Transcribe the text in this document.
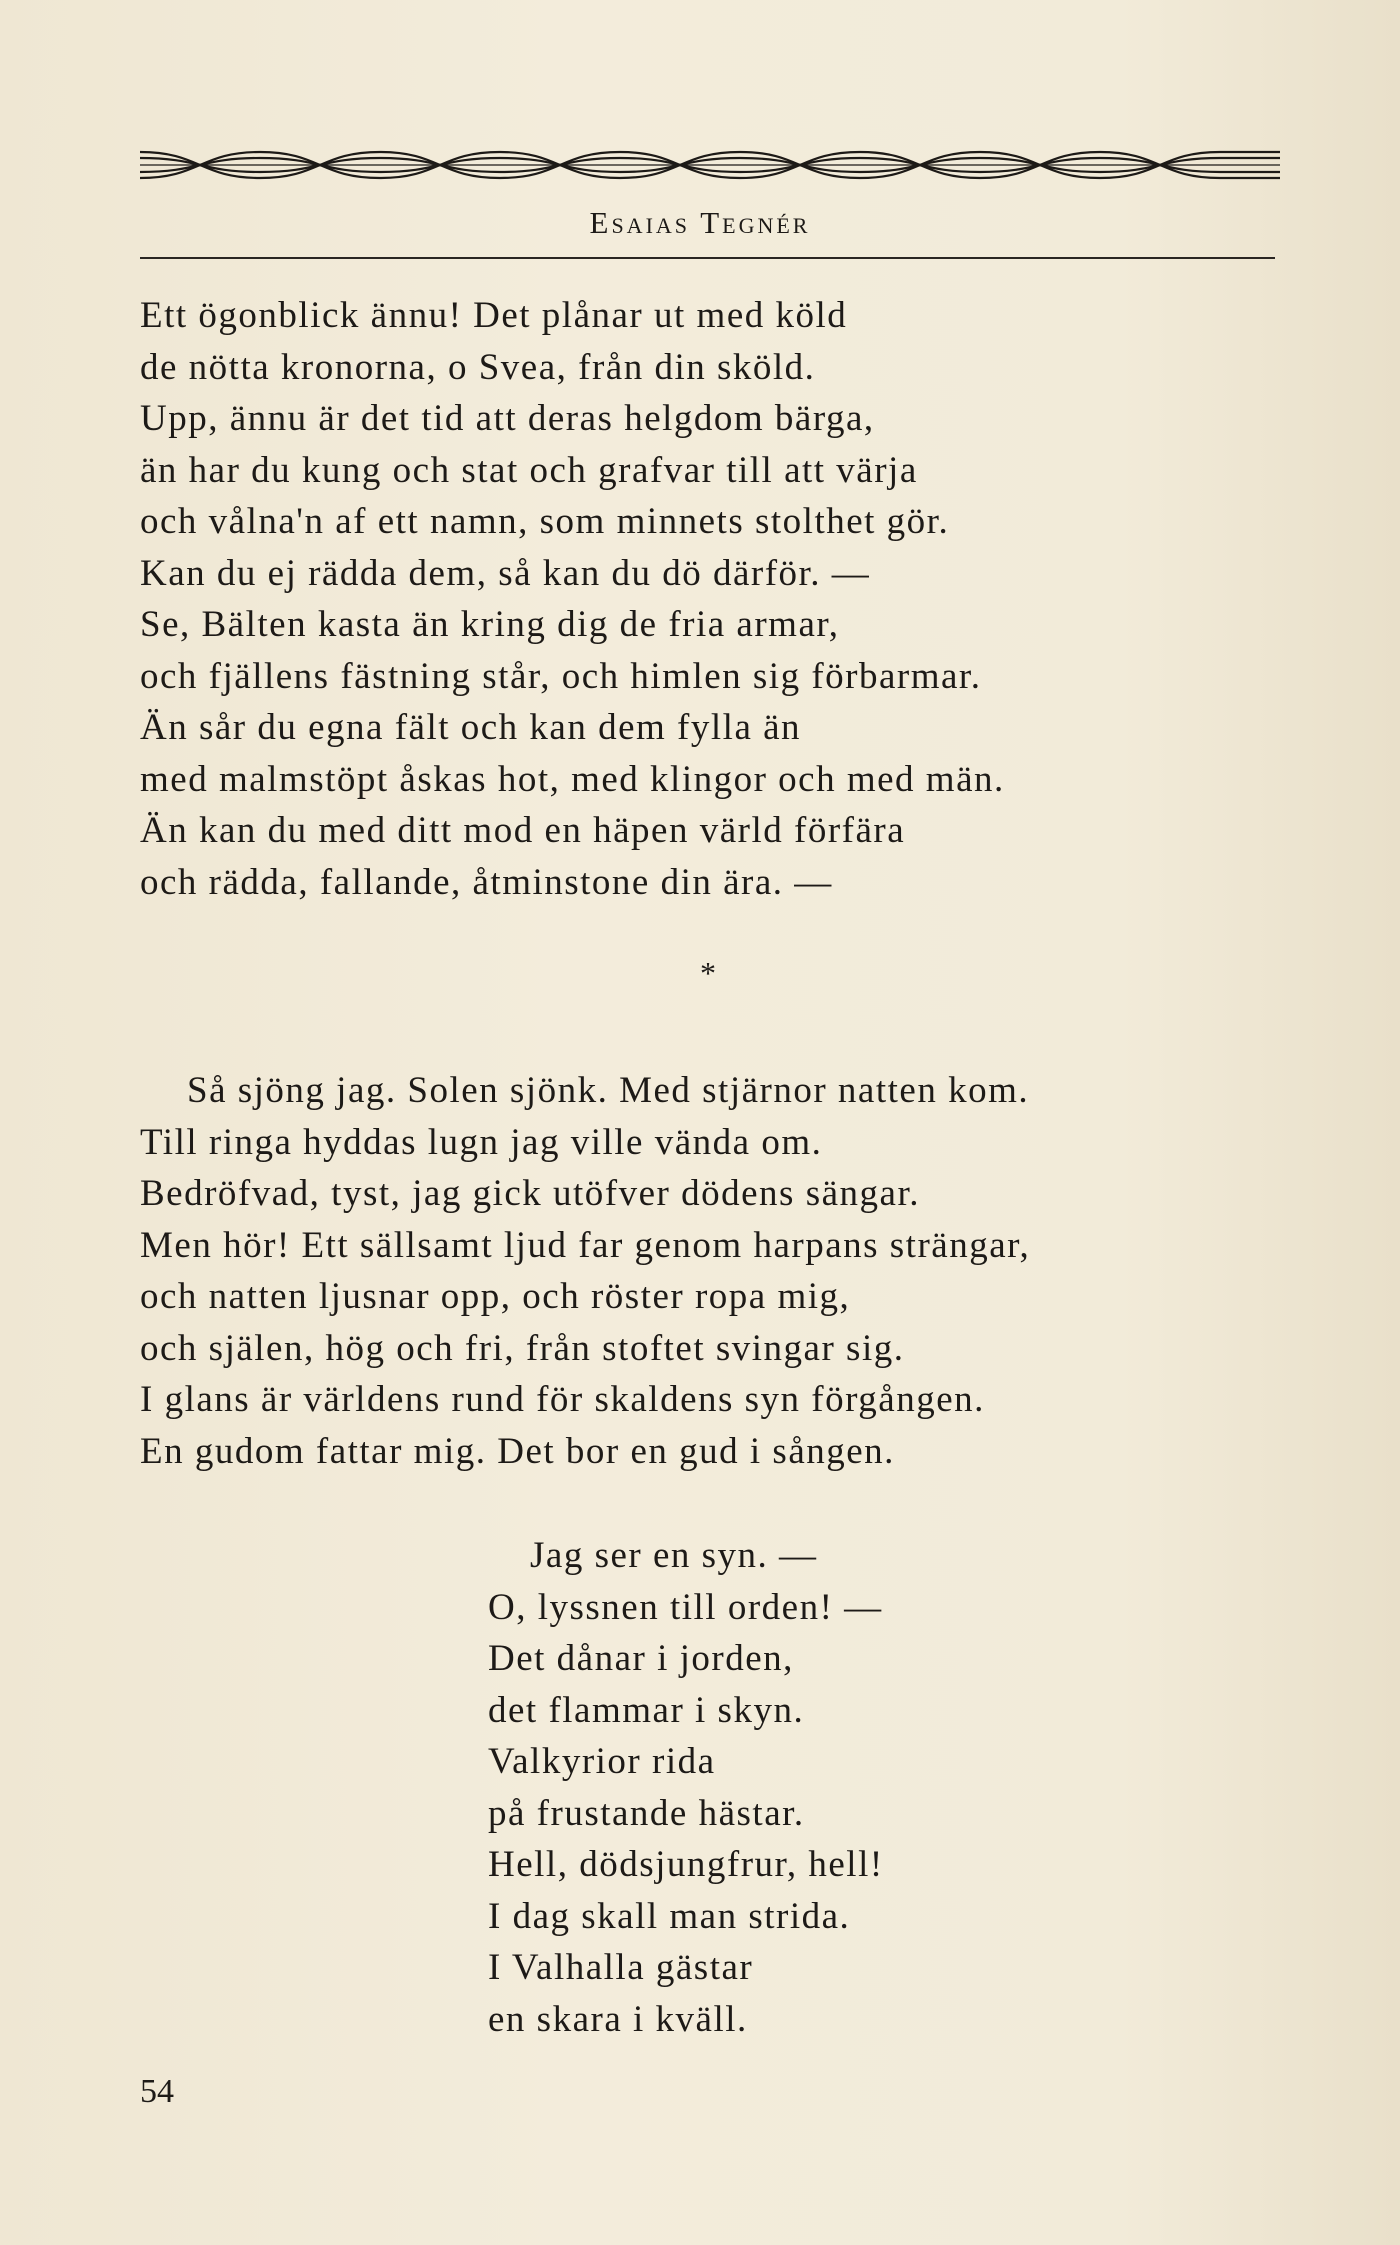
Esaias Tegnér
Ett ögonblick ännu! Det plånar ut med köld
de nötta kronorna, o Svea, från din sköld.
Upp, ännu är det tid att deras helgdom bärga,
än har du kung och stat och grafvar till att värja
och vålna'n af ett namn, som minnets stolthet gör.
Kan du ej rädda dem, så kan du dö därför. —
Se, Bälten kasta än kring dig de fria armar,
och fjällens fästning står, och himlen sig förbarmar.
Än sår du egna fält och kan dem fylla än
med malmstöpt åskas hot, med klingor och med män.
Än kan du med ditt mod en häpen värld förfära
och rädda, fallande, åtminstone din ära. —
*
Så sjöng jag. Solen sjönk. Med stjärnor natten kom.
Till ringa hyddas lugn jag ville vända om.
Bedröfvad, tyst, jag gick utöfver dödens sängar.
Men hör! Ett sällsamt ljud far genom harpans strängar,
och natten ljusnar opp, och röster ropa mig,
och själen, hög och fri, från stoftet svingar sig.
I glans är världens rund för skaldens syn förgången.
En gudom fattar mig. Det bor en gud i sången.
Jag ser en syn. —
O, lyssnen till orden! —
Det dånar i jorden,
det flammar i skyn.
Valkyrior rida
på frustande hästar.
Hell, dödsjungfrur, hell!
I dag skall man strida.
I Valhalla gästar
en skara i kväll.
54
